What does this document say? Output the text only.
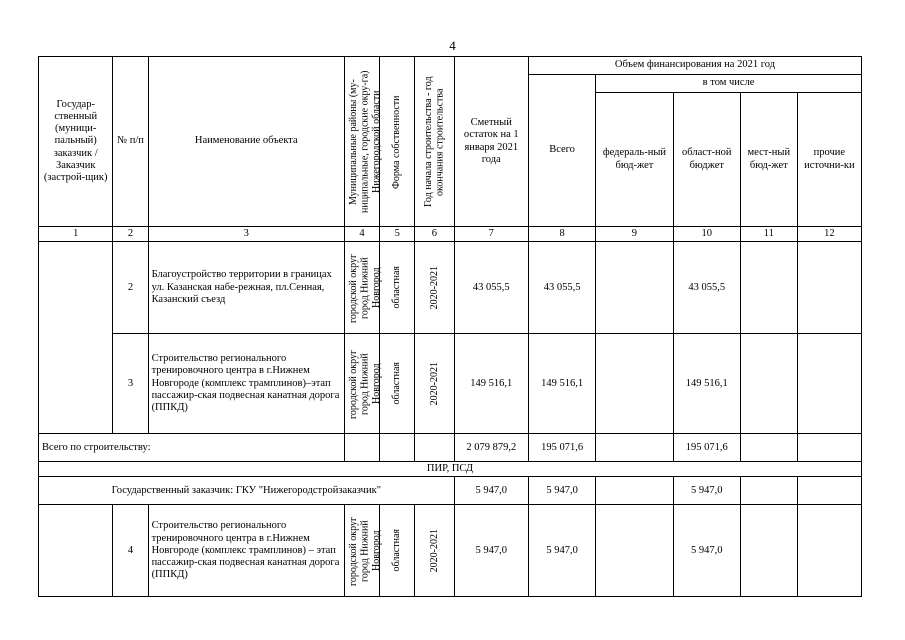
4
Государ-ственный (муници-пальный) заказчик / Заказчик (застрой-щик)	№ п/п	Наименование объекта	Муниципальные районы (му-ниципальные, городские окру-га) Нижегородской области	Форма собственности	Год начала строительства - год окончания строительства	Сметный остаток на 1 января 2021 года	Объем финансирования на 2021 год				
							Всего	в том числе			
								федераль-ный бюд-жет	област-ной бюджет	мест-ный бюд-жет	прочие источни-ки
1	2	3	4	5	6	7	8	9	10	11	12
	2	Благоустройство территории в границах ул. Казанская набе-режная, пл.Сенная, Казанский съезд	городской округ город Нижний Новгород	областная	2020-2021	43 055,5	43 055,5		43 055,5		
	3	Строительство регионального тренировочного центра в г.Нижнем Новгороде (комплекс трамплинов)–этап пассажир-ская подвесная канатная дорога (ППКД)	городской округ город Нижний Новгород	областная	2020-2021	149 516,1	149 516,1		149 516,1		
Всего по строительству:						2 079 879,2	195 071,6		195 071,6		
ПИР, ПСД											
Государственный заказчик: ГКУ "Нижегородстройзаказчик"						5 947,0	5 947,0		5 947,0		
	4	Строительство регионального тренировочного центра в г.Нижнем Новгороде (комплекс трамплинов) – этап пассажир-ская подвесная канатная дорога (ППКД)	городской округ город Нижний Новгород	областная	2020-2021	5 947,0	5 947,0		5 947,0		
